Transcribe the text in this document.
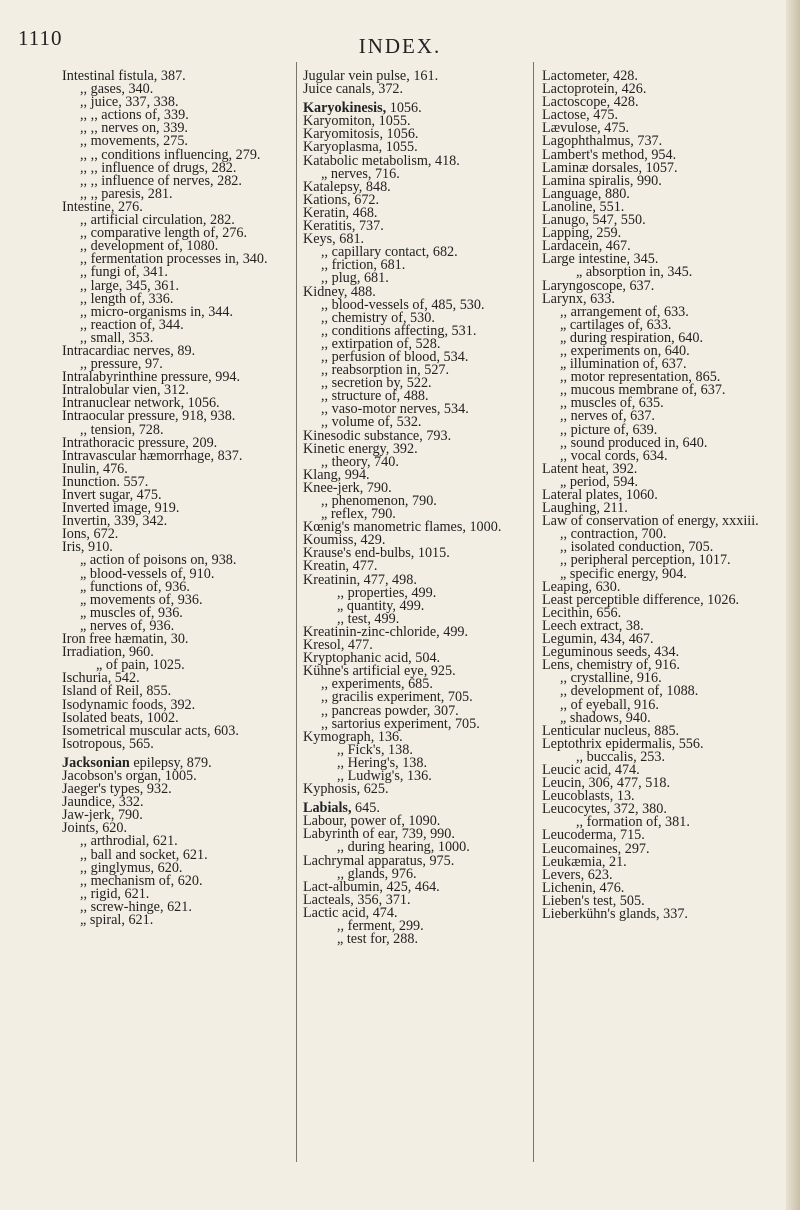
1110	INDEX.

Intestinal fistula, 387.

,, gases, 340.

,, juice, 337, 338.

,, ,, actions of, 339.

,, ,, nerves on, 339.

,, movements, 275.

,, ,, conditions influencing, 279.

,, ,, influence of drugs, 282.

,, ,, influence of nerves, 282.

,, ,, paresis, 281.

Intestine, 276.

,, artificial circulation, 282.

,, comparative length of, 276.

,, development of, 1080.

,, fermentation processes in, 340.

,, fungi of, 341.

,, large, 345, 361.

,, length of, 336.

,, micro-organisms in, 344.

,, reaction of, 344.

,, small, 353.

Intracardiac nerves, 89.

,, pressure, 97.

Intralabyrinthine pressure, 994.

Intralobular vien, 312.

Intranuclear network, 1056.

Intraocular pressure, 918, 938.

,, tension, 728.

Intrathoracic pressure, 209.

Intravascular hæmorrhage, 837.

Inulin, 476.

Inunction. 557.

Invert sugar, 475.

Inverted image, 919.

Invertin, 339, 342.

Ions, 672.

Iris, 910.

„ action of poisons on, 938.

„ blood-vessels of, 910.

„ functions of, 936.

„ movements of, 936.

„ muscles of, 936.

„ nerves of, 936.

Iron free hæmatin, 30.

Irradiation, 960.

„ of pain, 1025.

Ischuria, 542.

Island of Reil, 855.

Isodynamic foods, 392.

Isolated beats, 1002.

Isometrical muscular acts, 603.

Isotropous, 565.

Jacksonian epilepsy, 879.

Jacobson's organ, 1005.

Jaeger's types, 932.

Jaundice, 332.

Jaw-jerk, 790.

Joints, 620.

,, arthrodial, 621.

,, ball and socket, 621.

,, ginglymus, 620.

,, mechanism of, 620.

,, rigid, 621.

,, screw-hinge, 621.

„ spiral, 621.

Jugular vein pulse, 161.

Juice canals, 372.

Karyokinesis, 1056.

Karyomiton, 1055.

Karyomitosis, 1056.

Karyoplasma, 1055.

Katabolic metabolism, 418.

„ nerves, 716.

Katalepsy, 848.

Kations, 672.

Keratin, 468.

Keratitis, 737.

Keys, 681.

,, capillary contact, 682.

,, friction, 681.

,, plug, 681.

Kidney, 488.

,, blood-vessels of, 485, 530.

,, chemistry of, 530.

,, conditions affecting, 531.

,, extirpation of, 528.

,, perfusion of blood, 534.

,, reabsorption in, 527.

,, secretion by, 522.

,, structure of, 488.

,, vaso-motor nerves, 534.

,, volume of, 532.

Kinesodic substance, 793.

Kinetic energy, 392.

,, theory, 740.

Klang, 994.

Knee-jerk, 790.

,, phenomenon, 790.

„ reflex, 790.

Kœnig's manometric flames, 1000.

Koumiss, 429.

Krause's end-bulbs, 1015.

Kreatin, 477.

Kreatinin, 477, 498.

,, properties, 499.

„ quantity, 499.

,, test, 499.

Kreatinin-zinc-chloride, 499.

Kresol, 477.

Kryptophanic acid, 504.

Kühne's artificial eye, 925.

,, experiments, 685.

,, gracilis experiment, 705.

,, pancreas powder, 307.

,, sartorius experiment, 705.

Kymograph, 136.

,, Fick's, 138.

,, Hering's, 138.

,, Ludwig's, 136.

Kyphosis, 625.

Labials, 645.

Labour, power of, 1090.

Labyrinth of ear, 739, 990.

,, during hearing, 1000.

Lachrymal apparatus, 975.

,, glands, 976.

Lact-albumin, 425, 464.

Lacteals, 356, 371.

Lactic acid, 474.

,, ferment, 299.

„ test for, 288.

Lactometer, 428.

Lactoprotein, 426.

Lactoscope, 428.

Lactose, 475.

Lævulose, 475.

Lagophthalmus, 737.

Lambert's method, 954.

Laminæ dorsales, 1057.

Lamina spiralis, 990.

Language, 880.

Lanoline, 551.

Lanugo, 547, 550.

Lapping, 259.

Lardacein, 467.

Large intestine, 345.

„ absorption in, 345.

Laryngoscope, 637.

Larynx, 633.

,, arrangement of, 633.

„ cartilages of, 633.

„ during respiration, 640.

,, experiments on, 640.

„ illumination of, 637.

,, motor representation, 865.

,, mucous membrane of, 637.

,, muscles of, 635.

,, nerves of, 637.

,, picture of, 639.

,, sound produced in, 640.

,, vocal cords, 634.

Latent heat, 392.

„ period, 594.

Lateral plates, 1060.

Laughing, 211.

Law of conservation of energy, xxxiii.

,, contraction, 700.

,, isolated conduction, 705.

,, peripheral perception, 1017.

„ specific energy, 904.

Leaping, 630.

Least perceptible difference, 1026.

Lecithin, 656.

Leech extract, 38.

Legumin, 434, 467.

Leguminous seeds, 434.

Lens, chemistry of, 916.

,, crystalline, 916.

,, development of, 1088.

,, of eyeball, 916.

„ shadows, 940.

Lenticular nucleus, 885.

Leptothrix epidermalis, 556.

,, buccalis, 253.

Leucic acid, 474.

Leucin, 306, 477, 518.

Leucoblasts, 13.

Leucocytes, 372, 380.

,, formation of, 381.

Leucoderma, 715.

Leucomaines, 297.

Leukæmia, 21.

Levers, 623.

Lichenin, 476.

Lieben's test, 505.

Lieberkühn's glands, 337.
